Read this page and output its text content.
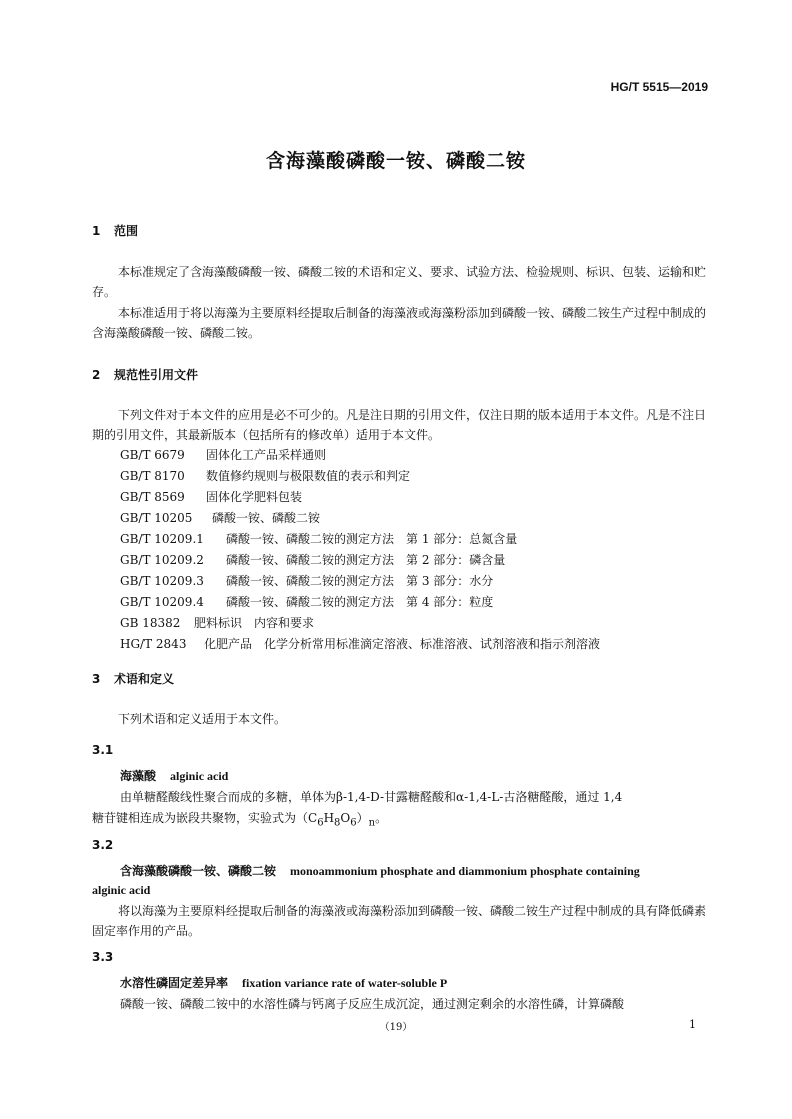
HG/T 5515—2019
含海藻酸磷酸一铵、磷酸二铵
1 范围
本标准规定了含海藻酸磷酸一铵、磷酸二铵的术语和定义、要求、试验方法、检验规则、标识、包装、运输和贮存。
本标准适用于将以海藻为主要原料经提取后制备的海藻液或海藻粉添加到磷酸一铵、磷酸二铵生产过程中制成的含海藻酸磷酸一铵、磷酸二铵。
2 规范性引用文件
下列文件对于本文件的应用是必不可少的。凡是注日期的引用文件，仅注日期的版本适用于本文件。凡是不注日期的引用文件，其最新版本（包括所有的修改单）适用于本文件。
GB/T 6679 固体化工产品采样通则
GB/T 8170 数值修约规则与极限数值的表示和判定
GB/T 8569 固体化学肥料包装
GB/T 10205 磷酸一铵、磷酸二铵
GB/T 10209.1 磷酸一铵、磷酸二铵的测定方法　第 1 部分：总氮含量
GB/T 10209.2 磷酸一铵、磷酸二铵的测定方法　第 2 部分：磷含量
GB/T 10209.3 磷酸一铵、磷酸二铵的测定方法　第 3 部分：水分
GB/T 10209.4 磷酸一铵、磷酸二铵的测定方法　第 4 部分：粒度
GB 18382 肥料标识　内容和要求
HG/T 2843 化肥产品　化学分析常用标准滴定溶液、标准溶液、试剂溶液和指示剂溶液
3 术语和定义
下列术语和定义适用于本文件。
3.1
海藻酸 alginic acid
由单糖醛酸线性聚合而成的多糖，单体为β-1,4-D-甘露糖醛酸和α-1,4-L-古洛糖醛酸，通过 1,4
糖苷键相连成为嵌段共聚物，实验式为$(C_6H_8O_6)_n$。
3.2
含海藻酸磷酸一铵、磷酸二铵 monoammonium phosphate and diammonium phosphate containing
alginic acid
将以海藻为主要原料经提取后制备的海藻液或海藻粉添加到磷酸一铵、磷酸二铵生产过程中制成的具有降低磷素固定率作用的产品。
3.3
水溶性磷固定差异率 fixation variance rate of water-soluble P
磷酸一铵、磷酸二铵中的水溶性磷与钙离子反应生成沉淀，通过测定剩余的水溶性磷，计算磷酸
（19）	1
